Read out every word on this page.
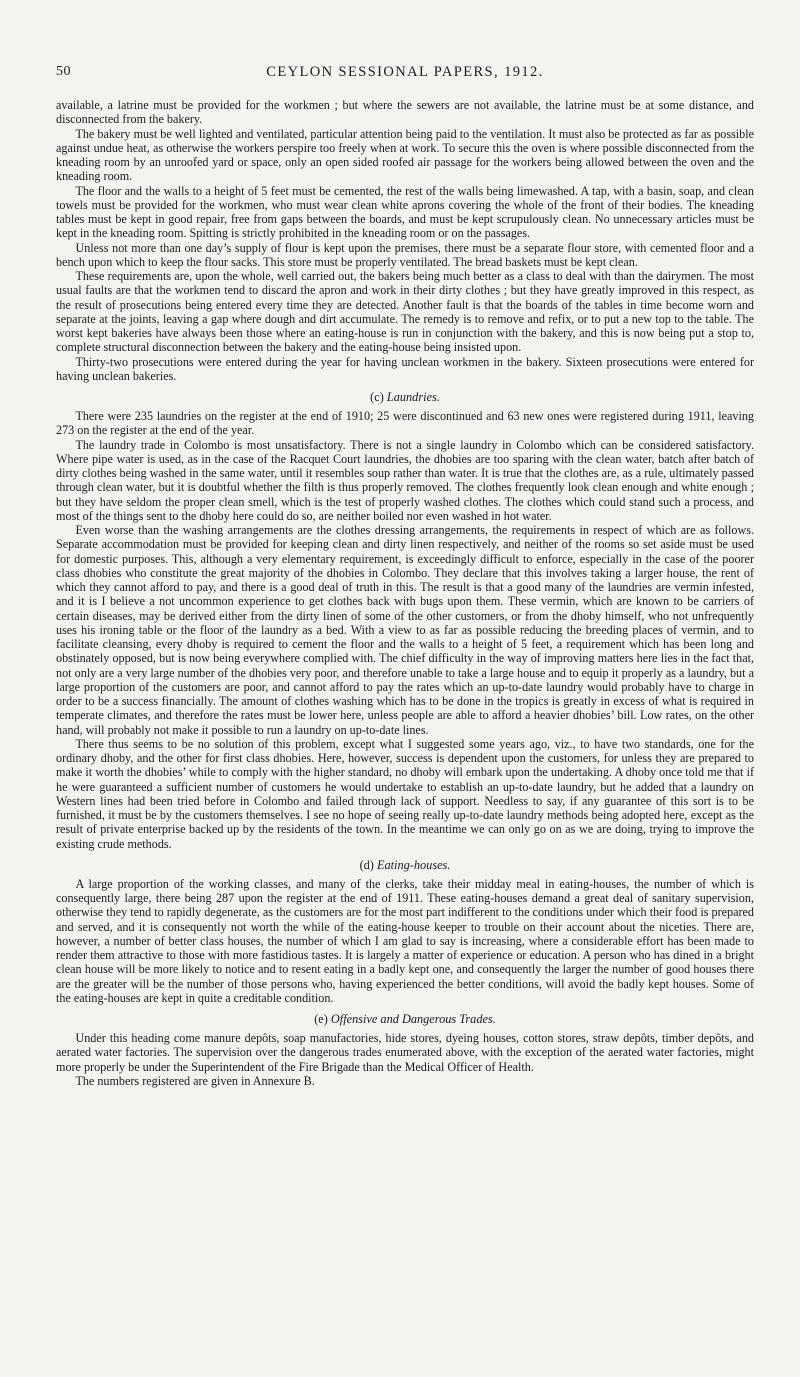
50	CEYLON SESSIONAL PAPERS, 1912.

available, a latrine must be provided for the workmen ; but where the sewers are not available, the latrine must be at some distance, and disconnected from the bakery.

The bakery must be well lighted and ventilated, particular attention being paid to the ventilation. It must also be protected as far as possible against undue heat, as otherwise the workers perspire too freely when at work. To secure this the oven is where possible disconnected from the kneading room by an unroofed yard or space, only an open sided roofed air passage for the workers being allowed between the oven and the kneading room.

The floor and the walls to a height of 5 feet must be cemented, the rest of the walls being limewashed. A tap, with a basin, soap, and clean towels must be provided for the workmen, who must wear clean white aprons covering the whole of the front of their bodies. The kneading tables must be kept in good repair, free from gaps between the boards, and must be kept scrupulously clean. No unnecessary articles must be kept in the kneading room. Spitting is strictly prohibited in the kneading room or on the passages.

Unless not more than one day’s supply of flour is kept upon the premises, there must be a separate flour store, with cemented floor and a bench upon which to keep the flour sacks. This store must be properly ventilated. The bread baskets must be kept clean.

These requirements are, upon the whole, well carried out, the bakers being much better as a class to deal with than the dairymen. The most usual faults are that the workmen tend to discard the apron and work in their dirty clothes ; but they have greatly improved in this respect, as the result of prosecutions being entered every time they are detected. Another fault is that the boards of the tables in time become worn and separate at the joints, leaving a gap where dough and dirt accumulate. The remedy is to remove and refix, or to put a new top to the table. The worst kept bakeries have always been those where an eating-house is run in conjunction with the bakery, and this is now being put a stop to, complete structural disconnection between the bakery and the eating-house being insisted upon.

Thirty-two prosecutions were entered during the year for having unclean workmen in the bakery. Sixteen prosecutions were entered for having unclean bakeries.

(c) Laundries.

There were 235 laundries on the register at the end of 1910; 25 were discontinued and 63 new ones were registered during 1911, leaving 273 on the register at the end of the year.

The laundry trade in Colombo is most unsatisfactory. There is not a single laundry in Colombo which can be considered satisfactory. Where pipe water is used, as in the case of the Racquet Court laundries, the dhobies are too sparing with the clean water, batch after batch of dirty clothes being washed in the same water, until it resembles soup rather than water. It is true that the clothes are, as a rule, ultimately passed through clean water, but it is doubtful whether the filth is thus properly removed. The clothes frequently look clean enough and white enough ; but they have seldom the proper clean smell, which is the test of properly washed clothes. The clothes which could stand such a process, and most of the things sent to the dhoby here could do so, are neither boiled nor even washed in hot water.

Even worse than the washing arrangements are the clothes dressing arrangements, the requirements in respect of which are as follows. Separate accommodation must be provided for keeping clean and dirty linen respectively, and neither of the rooms so set aside must be used for domestic purposes. This, although a very elementary requirement, is exceedingly difficult to enforce, especially in the case of the poorer class dhobies who constitute the great majority of the dhobies in Colombo. They declare that this involves taking a larger house, the rent of which they cannot afford to pay, and there is a good deal of truth in this. The result is that a good many of the laundries are vermin infested, and it is I believe a not uncommon experience to get clothes back with bugs upon them. These vermin, which are known to be carriers of certain diseases, may be derived either from the dirty linen of some of the other customers, or from the dhoby himself, who not unfrequently uses his ironing table or the floor of the laundry as a bed. With a view to as far as possible reducing the breeding places of vermin, and to facilitate cleansing, every dhoby is required to cement the floor and the walls to a height of 5 feet, a requirement which has been long and obstinately opposed, but is now being everywhere complied with. The chief difficulty in the way of improving matters here lies in the fact that, not only are a very large number of the dhobies very poor, and therefore unable to take a large house and to equip it properly as a laundry, but a large proportion of the customers are poor, and cannot afford to pay the rates which an up-to-date laundry would probably have to charge in order to be a success financially. The amount of clothes washing which has to be done in the tropics is greatly in excess of what is required in temperate climates, and therefore the rates must be lower here, unless people are able to afford a heavier dhobies’ bill. Low rates, on the other hand, will probably not make it possible to run a laundry on up-to-date lines.

There thus seems to be no solution of this problem, except what I suggested some years ago, viz., to have two standards, one for the ordinary dhoby, and the other for first class dhobies. Here, however, success is dependent upon the customers, for unless they are prepared to make it worth the dhobies’ while to comply with the higher standard, no dhoby will embark upon the undertaking. A dhoby once told me that if he were guaranteed a sufficient number of customers he would undertake to establish an up-to-date laundry, but he added that a laundry on Western lines had been tried before in Colombo and failed through lack of support. Needless to say, if any guarantee of this sort is to be furnished, it must be by the customers themselves. I see no hope of seeing really up-to-date laundry methods being adopted here, except as the result of private enterprise backed up by the residents of the town. In the meantime we can only go on as we are doing, trying to improve the existing crude methods.

(d) Eating-houses.

A large proportion of the working classes, and many of the clerks, take their midday meal in eating-houses, the number of which is consequently large, there being 287 upon the register at the end of 1911. These eating-houses demand a great deal of sanitary supervision, otherwise they tend to rapidly degenerate, as the customers are for the most part indifferent to the conditions under which their food is prepared and served, and it is consequently not worth the while of the eating-house keeper to trouble on their account about the niceties. There are, however, a number of better class houses, the number of which I am glad to say is increasing, where a considerable effort has been made to render them attractive to those with more fastidious tastes. It is largely a matter of experience or education. A person who has dined in a bright clean house will be more likely to notice and to resent eating in a badly kept one, and consequently the larger the number of good houses there are the greater will be the number of those persons who, having experienced the better conditions, will avoid the badly kept houses. Some of the eating-houses are kept in quite a creditable condition.

(e) Offensive and Dangerous Trades.

Under this heading come manure depôts, soap manufactories, hide stores, dyeing houses, cotton stores, straw depôts, timber depôts, and aerated water factories. The supervision over the dangerous trades enumerated above, with the exception of the aerated water factories, might more properly be under the Superintendent of the Fire Brigade than the Medical Officer of Health.

The numbers registered are given in Annexure B.
